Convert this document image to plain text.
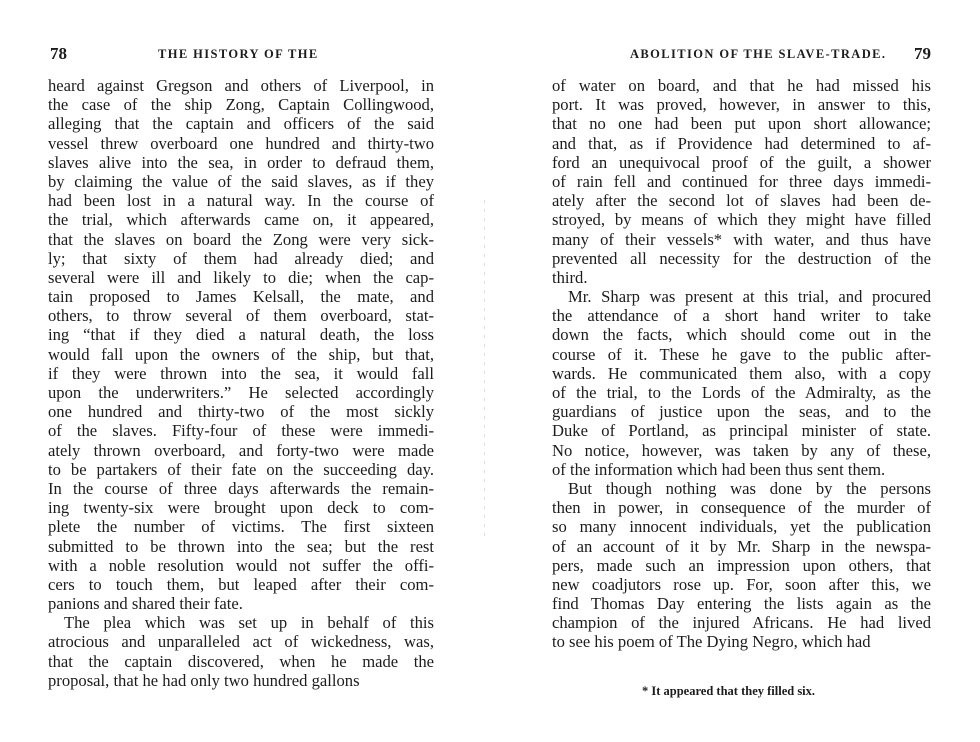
78	THE HISTORY OF THE
heard against Gregson and others of Liverpool, in
the case of the ship Zong, Captain Collingwood,
alleging that the captain and officers of the said
vessel threw overboard one hundred and thirty-two
slaves alive into the sea, in order to defraud them,
by claiming the value of the said slaves, as if they
had been lost in a natural way. In the course of
the trial, which afterwards came on, it appeared,
that the slaves on board the Zong were very sick-
ly; that sixty of them had already died; and
several were ill and likely to die; when the cap-
tain proposed to James Kelsall, the mate, and
others, to throw several of them overboard, stat-
ing “that if they died a natural death, the loss
would fall upon the owners of the ship, but that,
if they were thrown into the sea, it would fall
upon the underwriters.” He selected accordingly
one hundred and thirty-two of the most sickly
of the slaves. Fifty-four of these were immedi-
ately thrown overboard, and forty-two were made
to be partakers of their fate on the succeeding day.
In the course of three days afterwards the remain-
ing twenty-six were brought upon deck to com-
plete the number of victims. The first sixteen
submitted to be thrown into the sea; but the rest
with a noble resolution would not suffer the offi-
cers to touch them, but leaped after their com-
panions and shared their fate.
The plea which was set up in behalf of this
atrocious and unparalleled act of wickedness, was,
that the captain discovered, when he made the
proposal, that he had only two hundred gallons
ABOLITION OF THE SLAVE-TRADE. 79
of water on board, and that he had missed his
port. It was proved, however, in answer to this,
that no one had been put upon short allowance;
and that, as if Providence had determined to af-
ford an unequivocal proof of the guilt, a shower
of rain fell and continued for three days immedi-
ately after the second lot of slaves had been de-
stroyed, by means of which they might have filled
many of their vessels* with water, and thus have
prevented all necessity for the destruction of the
third.
Mr. Sharp was present at this trial, and procured
the attendance of a short hand writer to take
down the facts, which should come out in the
course of it. These he gave to the public after-
wards. He communicated them also, with a copy
of the trial, to the Lords of the Admiralty, as the
guardians of justice upon the seas, and to the
Duke of Portland, as principal minister of state.
No notice, however, was taken by any of these,
of the information which had been thus sent them.
But though nothing was done by the persons
then in power, in consequence of the murder of
so many innocent individuals, yet the publication
of an account of it by Mr. Sharp in the newspa-
pers, made such an impression upon others, that
new coadjutors rose up. For, soon after this, we
find Thomas Day entering the lists again as the
champion of the injured Africans. He had lived
to see his poem of The Dying Negro, which had
* It appeared that they filled six.
